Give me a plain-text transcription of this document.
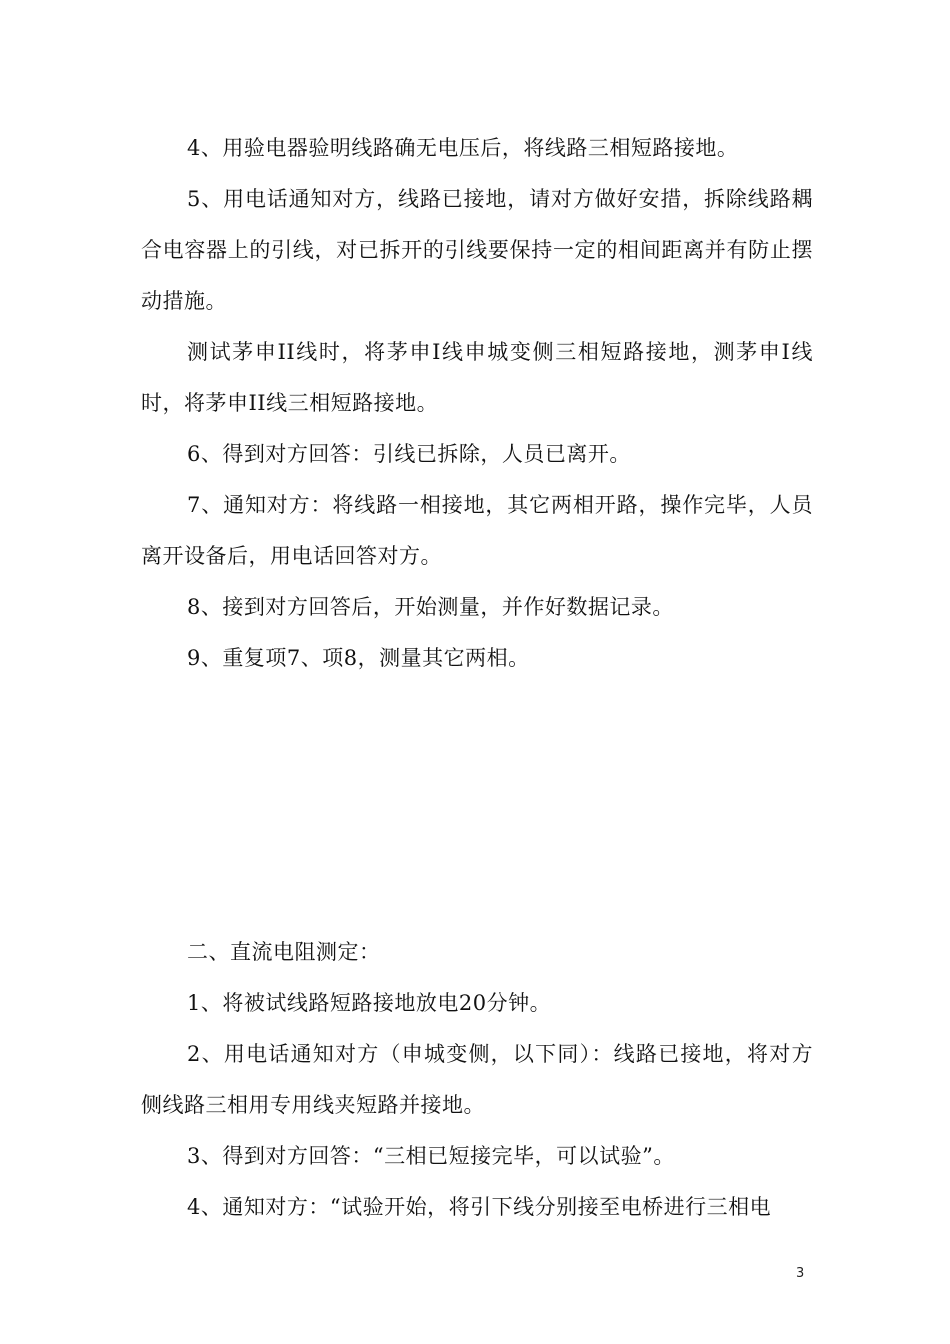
4、用验电器验明线路确无电压后，将线路三相短路接地。

5、用电话通知对方，线路已接地，请对方做好安措，拆除线路耦合电容器上的引线，对已拆开的引线要保持一定的相间距离并有防止摆动措施。

测试茅申II线时，将茅申I线申城变侧三相短路接地，测茅申I线时，将茅申II线三相短路接地。

6、得到对方回答：引线已拆除，人员已离开。

7、通知对方：将线路一相接地，其它两相开路，操作完毕，人员离开设备后，用电话回答对方。

8、接到对方回答后，开始测量，并作好数据记录。

9、重复项7、项8，测量其它两相。

二、直流电阻测定：

1、将被试线路短路接地放电20分钟。

2、用电话通知对方（申城变侧，以下同）：线路已接地，将对方侧线路三相用专用线夹短路并接地。

3、得到对方回答：“三相已短接完毕，可以试验”。

4、通知对方：“试验开始，将引下线分别接至电桥进行三相电

3
